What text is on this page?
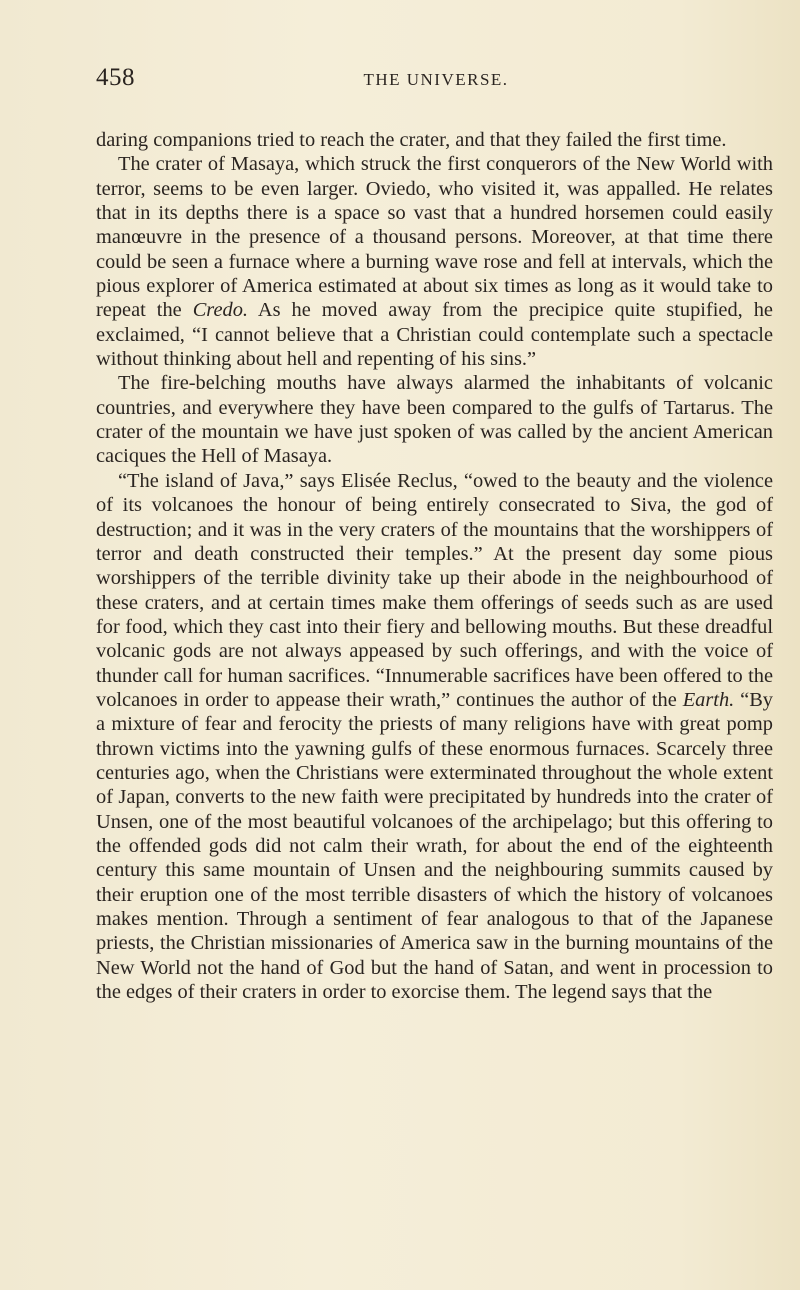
458	THE UNIVERSE.

daring companions tried to reach the crater, and that they failed the first time.

The crater of Masaya, which struck the first conquerors of the New World with terror, seems to be even larger. Oviedo, who visited it, was appalled. He relates that in its depths there is a space so vast that a hundred horsemen could easily manœuvre in the presence of a thousand persons. Moreover, at that time there could be seen a furnace where a burning wave rose and fell at intervals, which the pious explorer of America estimated at about six times as long as it would take to repeat the Credo. As he moved away from the precipice quite stupified, he exclaimed, “I cannot believe that a Christian could contemplate such a spectacle without thinking about hell and repenting of his sins.”

The fire-belching mouths have always alarmed the inhabitants of volcanic countries, and everywhere they have been compared to the gulfs of Tartarus. The crater of the mountain we have just spoken of was called by the ancient American caciques the Hell of Masaya.

“The island of Java,” says Elisée Reclus, “owed to the beauty and the violence of its volcanoes the honour of being entirely consecrated to Siva, the god of destruction; and it was in the very craters of the mountains that the worshippers of terror and death constructed their temples.” At the present day some pious worshippers of the terrible divinity take up their abode in the neighbourhood of these craters, and at certain times make them offerings of seeds such as are used for food, which they cast into their fiery and bellowing mouths. But these dreadful volcanic gods are not always appeased by such offerings, and with the voice of thunder call for human sacrifices. “Innumerable sacrifices have been offered to the volcanoes in order to appease their wrath,” continues the author of the Earth. “By a mixture of fear and ferocity the priests of many religions have with great pomp thrown victims into the yawning gulfs of these enormous furnaces. Scarcely three centuries ago, when the Christians were exterminated throughout the whole extent of Japan, converts to the new faith were precipitated by hundreds into the crater of Unsen, one of the most beautiful volcanoes of the archipelago; but this offering to the offended gods did not calm their wrath, for about the end of the eighteenth century this same mountain of Unsen and the neighbouring summits caused by their eruption one of the most terrible disasters of which the history of volcanoes makes mention. Through a sentiment of fear analogous to that of the Japanese priests, the Christian missionaries of America saw in the burning mountains of the New World not the hand of God but the hand of Satan, and went in procession to the edges of their craters in order to exorcise them. The legend says that the
